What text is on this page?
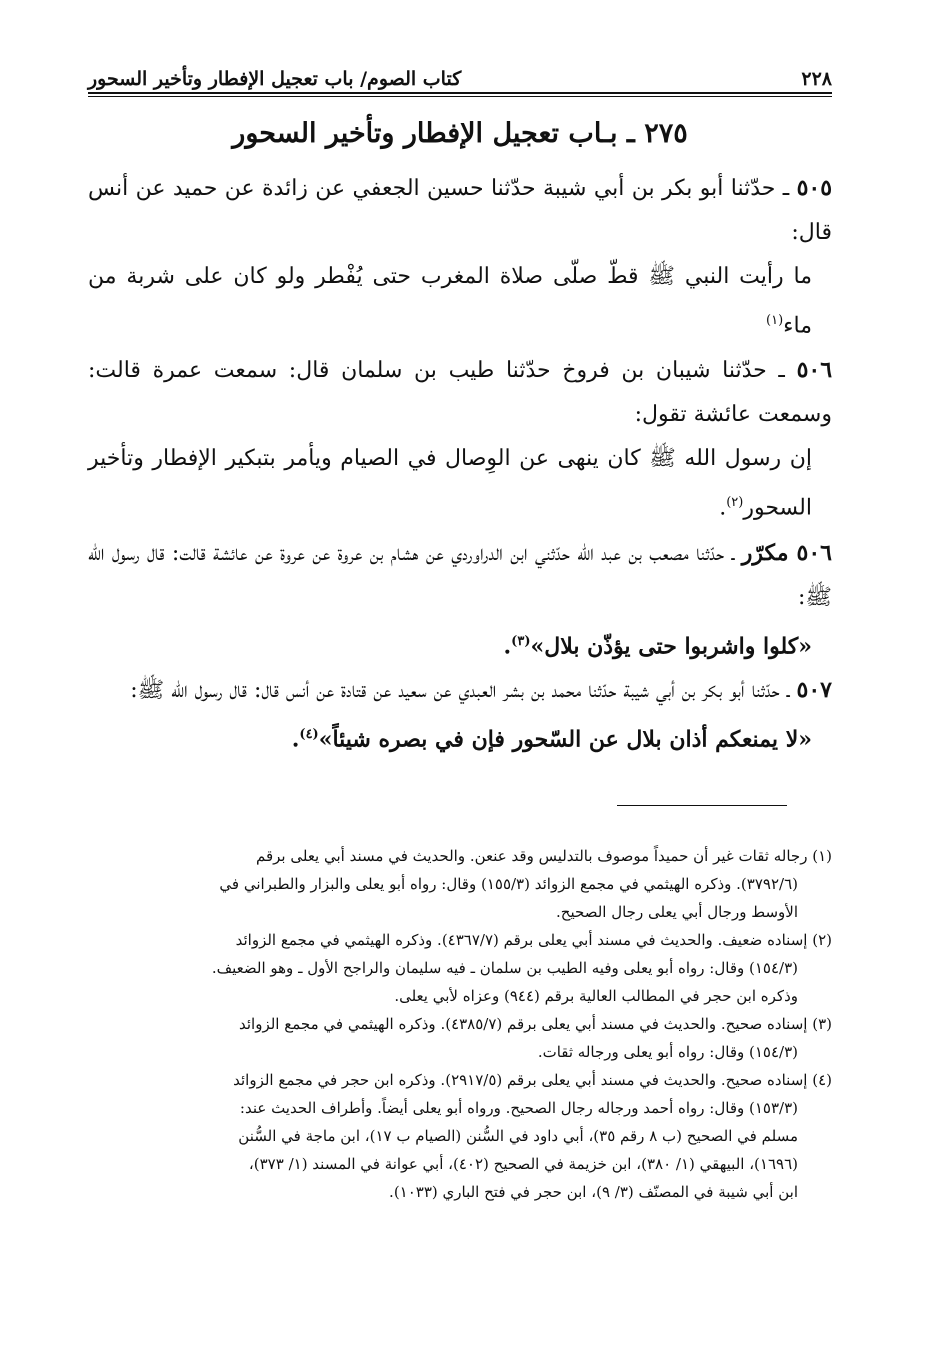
٢٢٨
كتاب الصوم/ باب تعجيل الإفطار وتأخير السحور
٢٧٥ ـ بـاب تعجيل الإفطار وتأخير السحور

٥٠٥ ـ حدّثنا أبو بكر بن أبي شيبة حدّثنا حسين الجعفي عن زائدة عن حميد عن أنس قال:

ما رأيت النبي ﷺ قطّ صلّى صلاة المغرب حتى يُفْطر ولو كان على شربة من ماء$^{(١)}$

٥٠٦ ـ حدّثنا شيبان بن فروخ حدّثنا طيب بن سلمان قال: سمعت عمرة قالت: وسمعت عائشة تقول:

إن رسول الله ﷺ كان ينهى عن الوِصال في الصيام ويأمر بتبكير الإفطار وتأخير السحور$^{(٢)}$.

٥٠٦ مكرّر ـ حدّثنا مصعب بن عبد الله حدّثني ابن الدراوردي عن هشام بن عروة عن عروة عن عائشة قالت: قال رسول الله ﷺ:

«كلوا واشربوا حتى يؤذّن بلال»$^{(٣)}$.

٥٠٧ ـ حدّثنا أبو بكر بن أبي شيبة حدّثنا محمد بن بشر العبدي عن سعيد عن قتادة عن أنس قال: قال رسول الله ﷺ:

«لا يمنعكم أذان بلال عن السّحور فإن في بصره شيئاً»$^{(٤)}$.

(١) رجاله ثقات غير أن حميداً موصوف بالتدليس وقد عنعن. والحديث في مسند أبي يعلى برقم

(٣٧٩٢/٦). وذكره الهيثمي في مجمع الزوائد (١٥٥/٣) وقال: رواه أبو يعلى والبزار والطبراني في

الأوسط ورجال أبي يعلى رجال الصحيح.

(٢) إسناده ضعيف. والحديث في مسند أبي يعلى برقم (٤٣٦٧/٧). وذكره الهيثمي في مجمع الزوائد

(١٥٤/٣) وقال: رواه أبو يعلى وفيه الطيب بن سلمان ـ فيه سليمان والراجح الأول ـ وهو الضعيف.

وذكره ابن حجر في المطالب العالية برقم (٩٤٤) وعزاه لأبي يعلى.

(٣) إسناده صحيح. والحديث في مسند أبي يعلى برقم (٤٣٨٥/٧). وذكره الهيثمي في مجمع الزوائد

(١٥٤/٣) وقال: رواه أبو يعلى ورجاله ثقات.

(٤) إسناده صحيح. والحديث في مسند أبي يعلى برقم (٢٩١٧/٥). وذكره ابن حجر في مجمع الزوائد

(١٥٣/٣) وقال: رواه أحمد ورجاله رجال الصحيح. ورواه أبو يعلى أيضاً. وأطراف الحديث عند:

مسلم في الصحيح (ب ٨ رقم ٣٥)، أبي داود في السُّنن (الصيام ب ١٧)، ابن ماجة في السُّنن

(١٦٩٦)، البيهقي (١/ ٣٨٠)، ابن خزيمة في الصحيح (٤٠٢)، أبي عوانة في المسند (١/ ٣٧٣)،

ابن أبي شيبة في المصنّف (٣/ ٩)، ابن حجر في فتح الباري (١٠٣٣).
